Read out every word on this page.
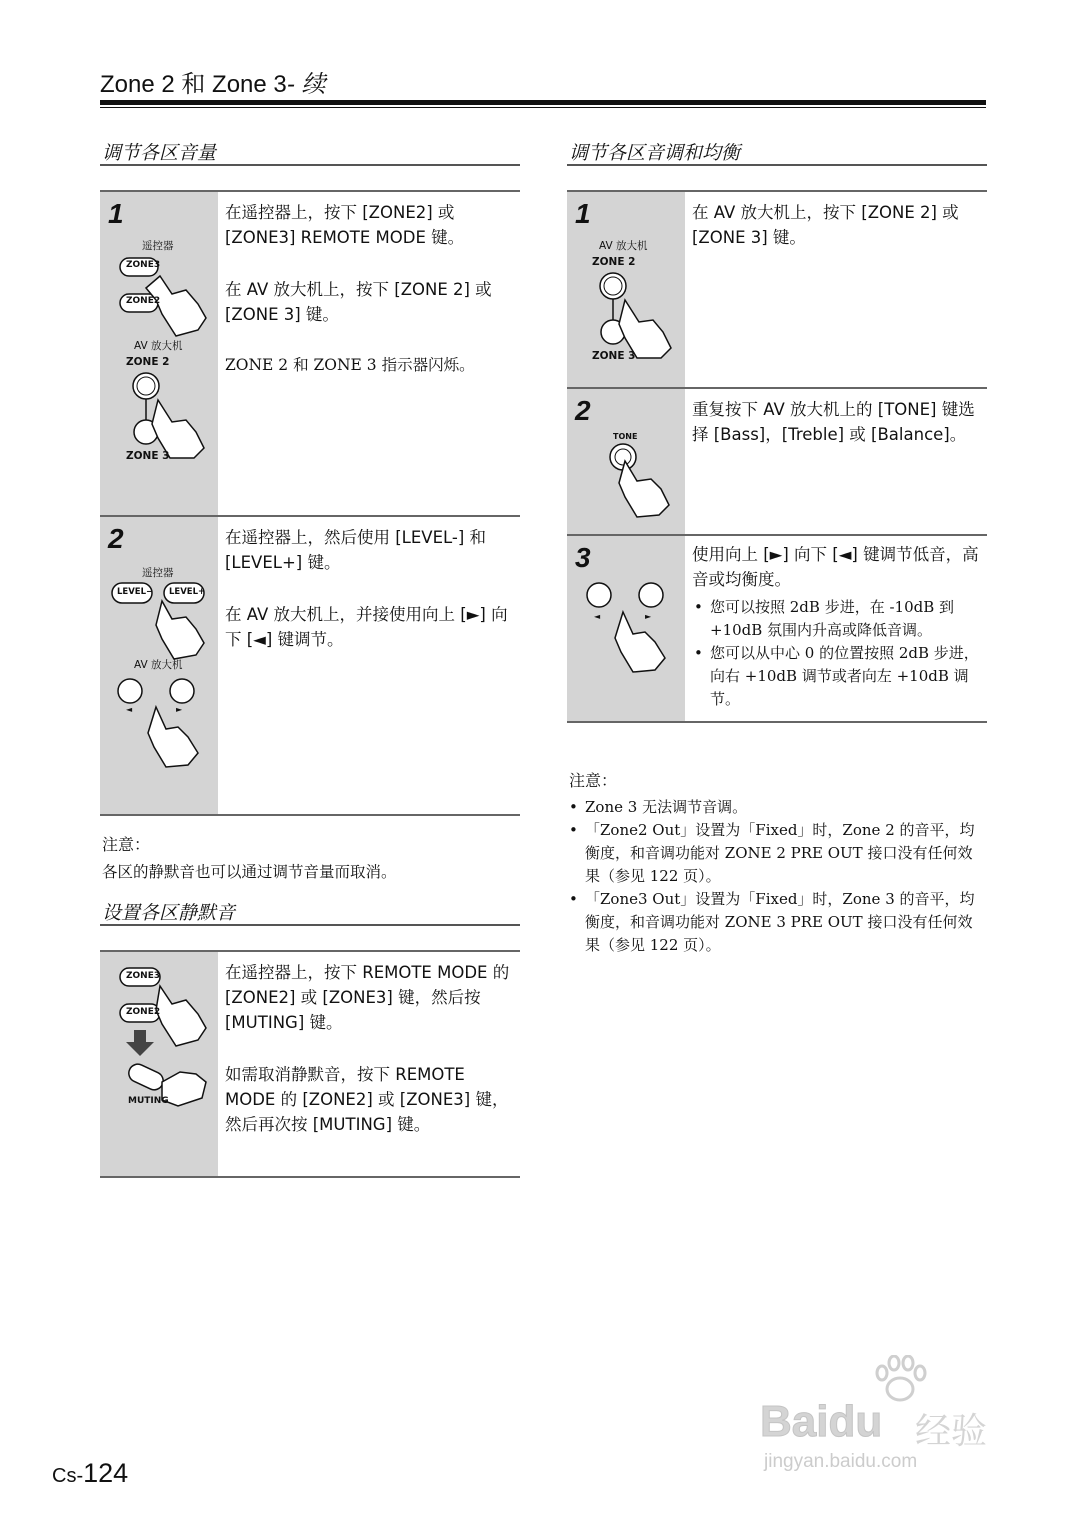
Zone 2 和 Zone 3- 续
调节各区音量
1
遥控器
ZONE3
ZONE2
AV 放大机
ZONE 2
ZONE 3

在遥控器上，按下 [ZONE2] 或 [ZONE3] REMOTE MODE 键。

在 AV 放大机上，按下 [ZONE 2] 或 [ZONE 3] 键。

ZONE 2 和 ZONE 3 指示器闪烁。

2
遥控器
LEVEL− LEVEL+
AV 放大机
◄	►

在遥控器上，然后使用 [LEVEL-] 和 [LEVEL+] 键。

在 AV 放大机上，并接使用向上 [►] 向下 [◄] 键调节。

注意：
各区的静默音也可以通过调节音量而取消。
设置各区静默音
ZONE3
ZONE2
MUTING

在遥控器上，按下 REMOTE MODE 的 [ZONE2] 或 [ZONE3] 键，然后按 [MUTING] 键。

如需取消静默音，按下 REMOTE MODE 的 [ZONE2] 或 [ZONE3] 键，然后再次按 [MUTING] 键。

调节各区音调和均衡
1
AV 放大机
ZONE 2
ZONE 3

在 AV 放大机上，按下 [ZONE 2] 或 [ZONE 3] 键。

2
TONE

重复按下 AV 放大机上的 [TONE] 键选择 [Bass]，[Treble] 或 [Balance]。

3
◄	►
使用向上 [►] 向下 [◄] 键调节低音，高音或均衡度。
• 您可以按照 2dB 步进，在 -10dB 到 +10dB 氛围内升高或降低音调。
• 您可以从中心 0 的位置按照 2dB 步进，向右 +10dB 调节或者向左 +10dB 调节。
注意：
• Zone 3 无法调节音调。
• 「Zone2 Out」设置为「Fixed」时，Zone 2 的音平，均衡度，和音调功能对 ZONE 2 PRE OUT 接口没有任何效果（参见 122 页）。
• 「Zone3 Out」设置为「Fixed」时，Zone 3 的音平，均衡度，和音调功能对 ZONE 3 PRE OUT 接口没有任何效果（参见 122 页）。
Cs-124
Baidu 经验
jingyan.baidu.com
